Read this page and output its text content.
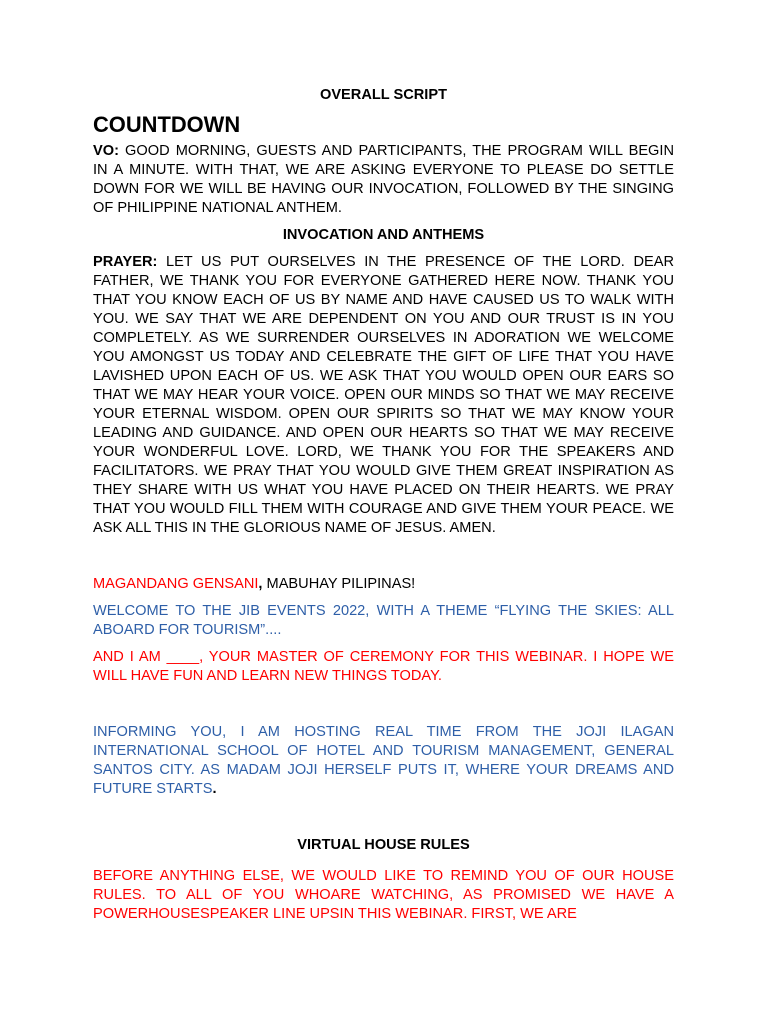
OVERALL SCRIPT
COUNTDOWN

VO: GOOD MORNING, GUESTS AND PARTICIPANTS, THE PROGRAM WILL BEGIN IN A MINUTE. WITH THAT, WE ARE ASKING EVERYONE TO PLEASE DO SETTLE DOWN FOR WE WILL BE HAVING OUR INVOCATION, FOLLOWED BY THE SINGING OF PHILIPPINE NATIONAL ANTHEM.

INVOCATION AND ANTHEMS

PRAYER: LET US PUT OURSELVES IN THE PRESENCE OF THE LORD. DEAR FATHER, WE THANK YOU FOR EVERYONE GATHERED HERE NOW. THANK YOU THAT YOU KNOW EACH OF US BY NAME AND HAVE CAUSED US TO WALK WITH YOU. WE SAY THAT WE ARE DEPENDENT ON YOU AND OUR TRUST IS IN YOU COMPLETELY. AS WE SURRENDER OURSELVES IN ADORATION WE WELCOME YOU AMONGST US TODAY AND CELEBRATE THE GIFT OF LIFE THAT YOU HAVE LAVISHED UPON EACH OF US. WE ASK THAT YOU WOULD OPEN OUR EARS SO THAT WE MAY HEAR YOUR VOICE. OPEN OUR MINDS SO THAT WE MAY RECEIVE YOUR ETERNAL WISDOM. OPEN OUR SPIRITS SO THAT WE MAY KNOW YOUR LEADING AND GUIDANCE. AND OPEN OUR HEARTS SO THAT WE MAY RECEIVE YOUR WONDERFUL LOVE. LORD, WE THANK YOU FOR THE SPEAKERS AND FACILITATORS. WE PRAY THAT YOU WOULD GIVE THEM GREAT INSPIRATION AS THEY SHARE WITH US WHAT YOU HAVE PLACED ON THEIR HEARTS. WE PRAY THAT YOU WOULD FILL THEM WITH COURAGE AND GIVE THEM YOUR PEACE. WE ASK ALL THIS IN THE GLORIOUS NAME OF JESUS. AMEN.

MAGANDANG GENSANI, MABUHAY PILIPINAS!

WELCOME TO THE JIB EVENTS 2022, WITH A THEME “FLYING THE SKIES: ALL ABOARD FOR TOURISM”....

AND I AM ____, YOUR MASTER OF CEREMONY FOR THIS WEBINAR. I HOPE WE WILL HAVE FUN AND LEARN NEW THINGS TODAY.

INFORMING YOU, I AM HOSTING REAL TIME FROM THE JOJI ILAGAN INTERNATIONAL SCHOOL OF HOTEL AND TOURISM MANAGEMENT, GENERAL SANTOS CITY. AS MADAM JOJI HERSELF PUTS IT, WHERE YOUR DREAMS AND FUTURE STARTS.

VIRTUAL HOUSE RULES

BEFORE ANYTHING ELSE, WE WOULD LIKE TO REMIND YOU OF OUR HOUSE RULES. TO ALL OF YOU WHOARE WATCHING, AS PROMISED WE HAVE A POWERHOUSESPEAKER LINE UPSIN THIS WEBINAR. FIRST, WE ARE
